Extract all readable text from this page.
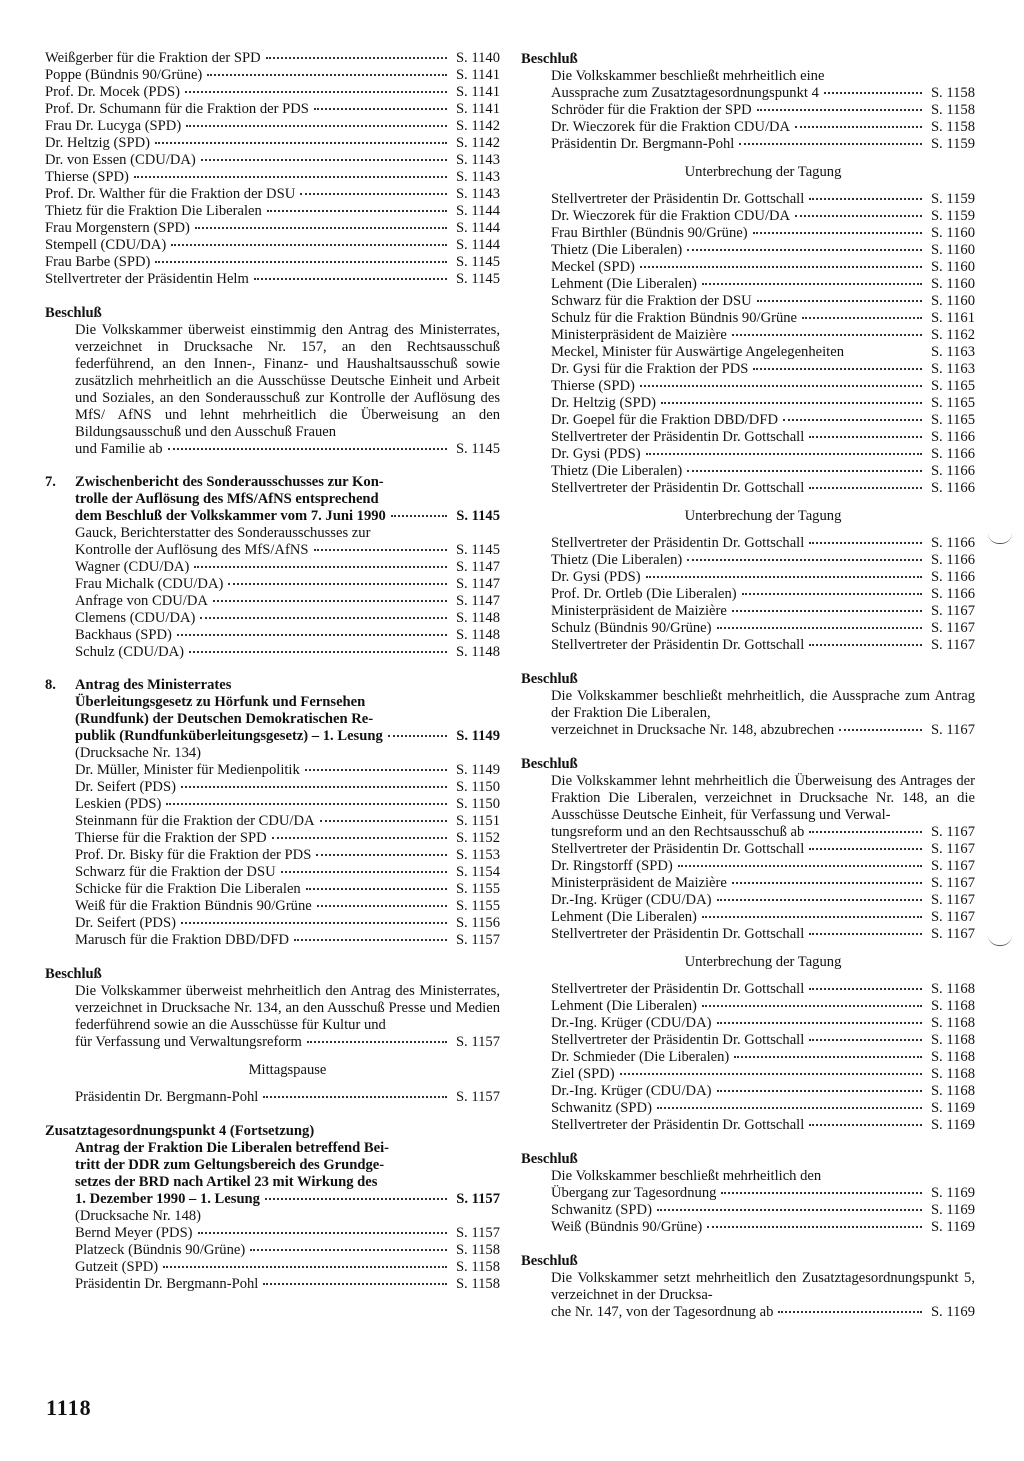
Weißgerber für die Fraktion der SPD	S. 1140
Poppe (Bündnis 90/Grüne)	S. 1141
Prof. Dr. Mocek (PDS)	S. 1141
Prof. Dr. Schumann für die Fraktion der PDS	S. 1141
Frau Dr. Lucyga (SPD)	S. 1142
Dr. Heltzig (SPD)	S. 1142
Dr. von Essen (CDU/DA)	S. 1143
Thierse (SPD)	S. 1143
Prof. Dr. Walther für die Fraktion der DSU	S. 1143
Thietz für die Fraktion Die Liberalen	S. 1144
Frau Morgenstern (SPD)	S. 1144
Stempell (CDU/DA)	S. 1144
Frau Barbe (SPD)	S. 1145
Stellvertreter der Präsidentin Helm	S. 1145
Beschluß
Die Volkskammer überweist einstimmig den Antrag des Ministerrates, verzeichnet in Drucksache Nr. 157, an den Rechtsausschuß federführend, an den Innen-, Finanz- und Haushaltsausschuß sowie zusätzlich mehrheitlich an die Ausschüsse Deutsche Einheit und Arbeit und Soziales, an den Sonderausschuß zur Kontrolle der Auflösung des MfS/ AfNS und lehnt mehrheitlich die Überweisung an den Bildungsausschuß und den Ausschuß Frauen
und Familie ab	S. 1145
7.	Zwischenbericht des Sonderausschusses zur Kon-
trolle der Auflösung des MfS/AfNS entsprechend
dem Beschluß der Volkskammer vom 7. Juni 1990	S. 1145
Gauck, Berichterstatter des Sonderausschusses zur
Kontrolle der Auflösung des MfS/AfNS	S. 1145
Wagner (CDU/DA)	S. 1147
Frau Michalk (CDU/DA)	S. 1147
Anfrage von CDU/DA	S. 1147
Clemens (CDU/DA)	S. 1148
Backhaus (SPD)	S. 1148
Schulz (CDU/DA)	S. 1148
8.	Antrag des Ministerrates
Überleitungsgesetz zu Hörfunk und Fernsehen
(Rundfunk) der Deutschen Demokratischen Re-
publik (Rundfunküberleitungsgesetz) – 1. Lesung	S. 1149
(Drucksache Nr. 134)
Dr. Müller, Minister für Medienpolitik	S. 1149
Dr. Seifert (PDS)	S. 1150
Leskien (PDS)	S. 1150
Steinmann für die Fraktion der CDU/DA	S. 1151
Thierse für die Fraktion der SPD	S. 1152
Prof. Dr. Bisky für die Fraktion der PDS	S. 1153
Schwarz für die Fraktion der DSU	S. 1154
Schicke für die Fraktion Die Liberalen	S. 1155
Weiß für die Fraktion Bündnis 90/Grüne	S. 1155
Dr. Seifert (PDS)	S. 1156
Marusch für die Fraktion DBD/DFD	S. 1157
Beschluß
Die Volkskammer überweist mehrheitlich den Antrag des Ministerrates, verzeichnet in Drucksache Nr. 134, an den Ausschuß Presse und Medien federführend sowie an die Ausschüsse für Kultur und
für Verfassung und Verwaltungsreform	S. 1157
Mittagspause
Präsidentin Dr. Bergmann-Pohl	S. 1157
Zusatztagesordnungspunkt 4 (Fortsetzung)
Antrag der Fraktion Die Liberalen betreffend Bei-
tritt der DDR zum Geltungsbereich des Grundge-
setzes der BRD nach Artikel 23 mit Wirkung des
1. Dezember 1990 – 1. Lesung	S. 1157
(Drucksache Nr. 148)
Bernd Meyer (PDS)	S. 1157
Platzeck (Bündnis 90/Grüne)	S. 1158
Gutzeit (SPD)	S. 1158
Präsidentin Dr. Bergmann-Pohl	S. 1158
Beschluß
Die Volkskammer beschließt mehrheitlich eine
Aussprache zum Zusatztagesordnungspunkt 4	S. 1158
Schröder für die Fraktion der SPD	S. 1158
Dr. Wieczorek für die Fraktion CDU/DA	S. 1158
Präsidentin Dr. Bergmann-Pohl	S. 1159
Unterbrechung der Tagung
Stellvertreter der Präsidentin Dr. Gottschall	S. 1159
Dr. Wieczorek für die Fraktion CDU/DA	S. 1159
Frau Birthler (Bündnis 90/Grüne)	S. 1160
Thietz (Die Liberalen)	S. 1160
Meckel (SPD)	S. 1160
Lehment (Die Liberalen)	S. 1160
Schwarz für die Fraktion der DSU	S. 1160
Schulz für die Fraktion Bündnis 90/Grüne	S. 1161
Ministerpräsident de Maizière	S. 1162
Meckel, Minister für Auswärtige Angelegenheiten	S. 1163
Dr. Gysi für die Fraktion der PDS	S. 1163
Thierse (SPD)	S. 1165
Dr. Heltzig (SPD)	S. 1165
Dr. Goepel für die Fraktion DBD/DFD	S. 1165
Stellvertreter der Präsidentin Dr. Gottschall	S. 1166
Dr. Gysi (PDS)	S. 1166
Thietz (Die Liberalen)	S. 1166
Stellvertreter der Präsidentin Dr. Gottschall	S. 1166
Unterbrechung der Tagung
Stellvertreter der Präsidentin Dr. Gottschall	S. 1166
Thietz (Die Liberalen)	S. 1166
Dr. Gysi (PDS)	S. 1166
Prof. Dr. Ortleb (Die Liberalen)	S. 1166
Ministerpräsident de Maizière	S. 1167
Schulz (Bündnis 90/Grüne)	S. 1167
Stellvertreter der Präsidentin Dr. Gottschall	S. 1167
Beschluß
Die Volkskammer beschließt mehrheitlich, die Aussprache zum Antrag der Fraktion Die Liberalen,
verzeichnet in Drucksache Nr. 148, abzubrechen	S. 1167
Beschluß
Die Volkskammer lehnt mehrheitlich die Überweisung des Antrages der Fraktion Die Liberalen, verzeichnet in Drucksache Nr. 148, an die Ausschüsse Deutsche Einheit, für Verfassung und Verwal-
tungsreform und an den Rechtsausschuß ab	S. 1167
Stellvertreter der Präsidentin Dr. Gottschall	S. 1167
Dr. Ringstorff (SPD)	S. 1167
Ministerpräsident de Maizière	S. 1167
Dr.-Ing. Krüger (CDU/DA)	S. 1167
Lehment (Die Liberalen)	S. 1167
Stellvertreter der Präsidentin Dr. Gottschall	S. 1167
Unterbrechung der Tagung
Stellvertreter der Präsidentin Dr. Gottschall	S. 1168
Lehment (Die Liberalen)	S. 1168
Dr.-Ing. Krüger (CDU/DA)	S. 1168
Stellvertreter der Präsidentin Dr. Gottschall	S. 1168
Dr. Schmieder (Die Liberalen)	S. 1168
Ziel (SPD)	S. 1168
Dr.-Ing. Krüger (CDU/DA)	S. 1168
Schwanitz (SPD)	S. 1169
Stellvertreter der Präsidentin Dr. Gottschall	S. 1169
Beschluß
Die Volkskammer beschließt mehrheitlich den
Übergang zur Tagesordnung	S. 1169
Schwanitz (SPD)	S. 1169
Weiß (Bündnis 90/Grüne)	S. 1169
Beschluß
Die Volkskammer setzt mehrheitlich den Zusatztagesordnungspunkt 5, verzeichnet in der Drucksa-
che Nr. 147, von der Tagesordnung ab	S. 1169
1118
